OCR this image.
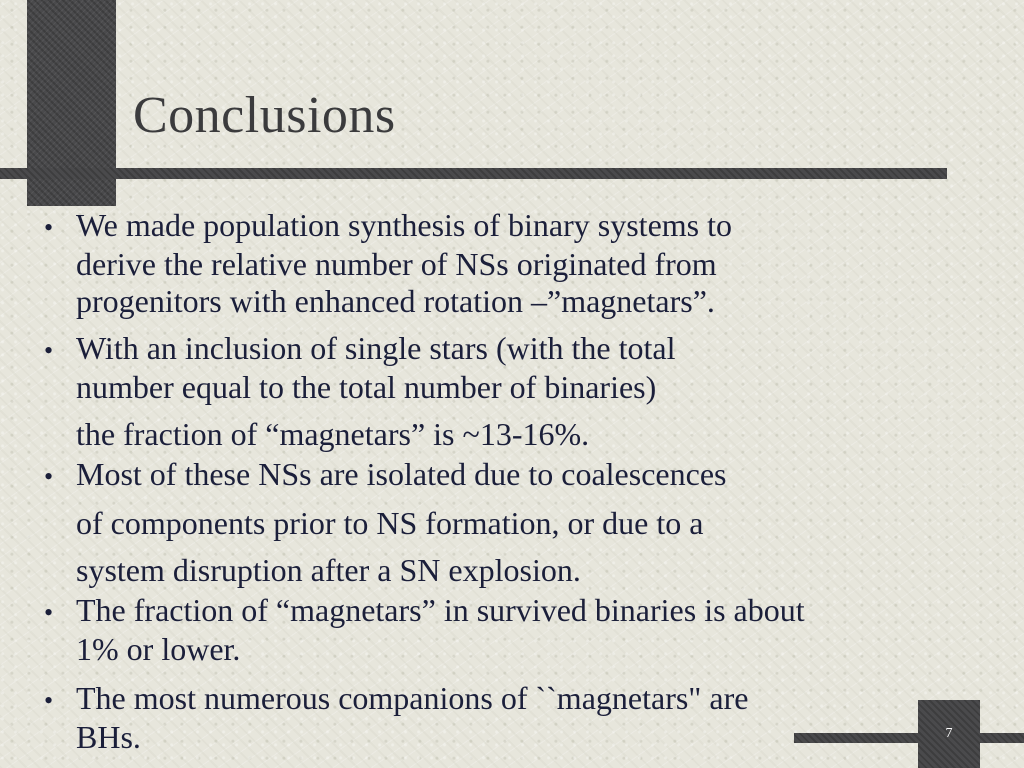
Conclusions
• We made population synthesis of binary systems to
derive the relative number of NSs originated from
progenitors with enhanced rotation –”magnetars”.
• With an inclusion of single stars (with the total
number equal to the total number of binaries)
the fraction of “magnetars” is ~13-16%.
• Most of these NSs are isolated due to coalescences
of components prior to NS formation, or due to a
system disruption after a SN explosion.
• The fraction of “magnetars” in survived binaries is about
1% or lower.
• The most numerous companions of ``magnetars" are
BHs.	7
